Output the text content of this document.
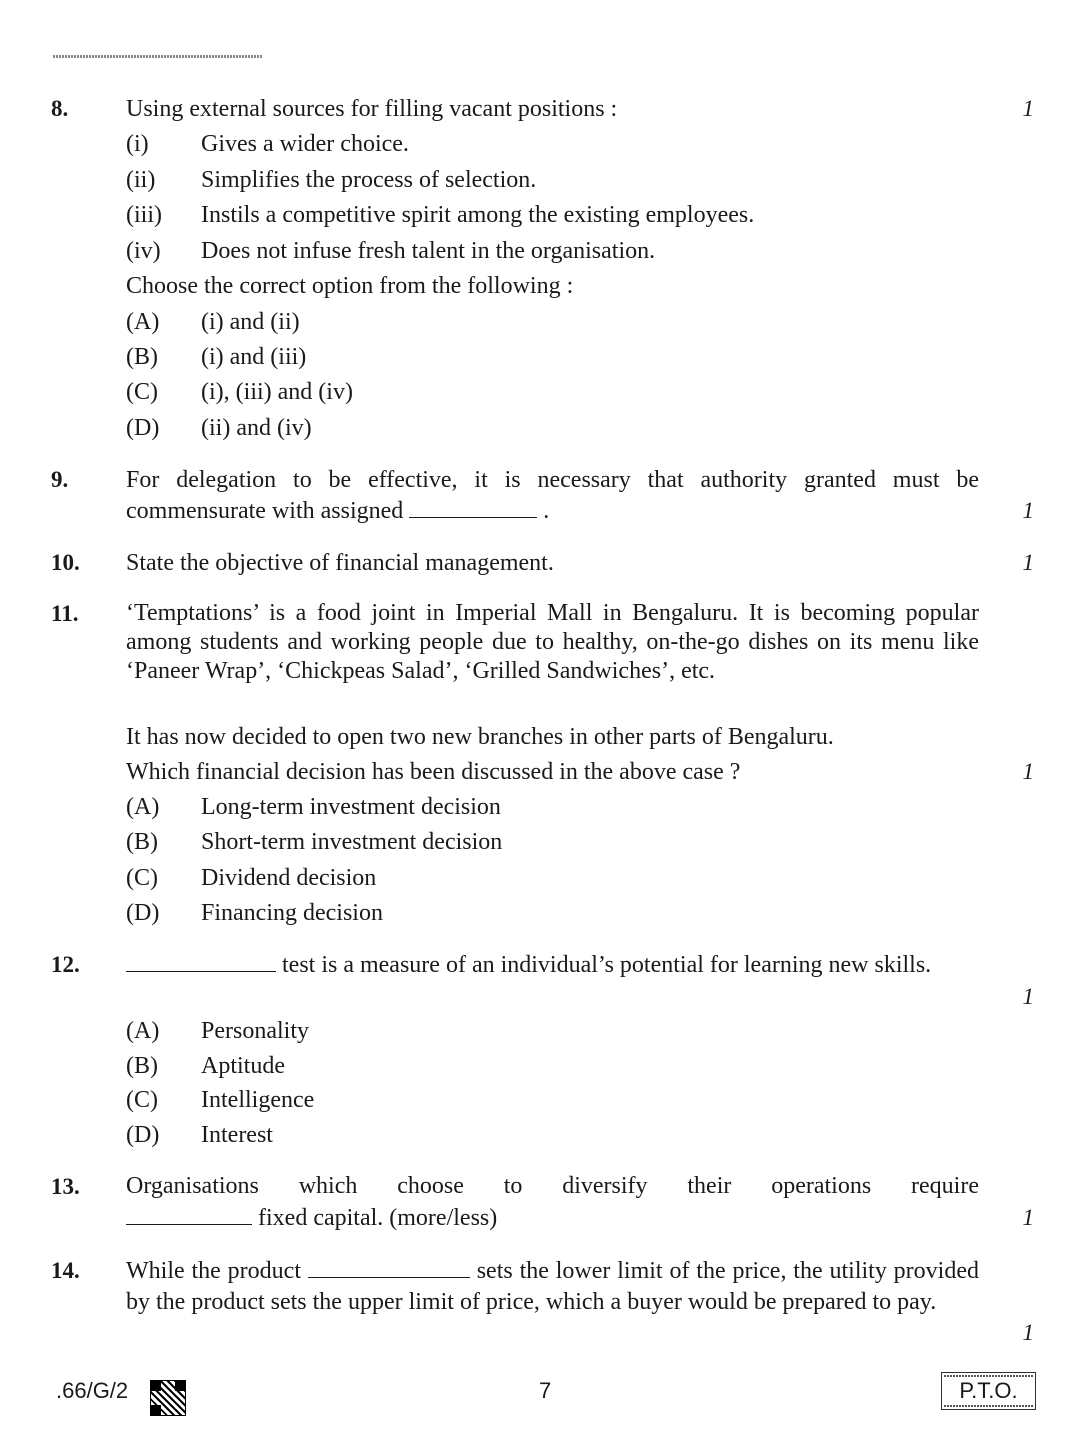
8. Using external sources for filling vacant positions :	1
(i) Gives a wider choice.
(ii) Simplifies the process of selection.
(iii) Instils a competitive spirit among the existing employees.
(iv) Does not infuse fresh talent in the organisation.
Choose the correct option from the following :
(A) (i) and (ii)
(B) (i) and (iii)
(C) (i), (iii) and (iv)
(D) (ii) and (iv)
9. For delegation to be effective, it is necessary that authority granted must be commensurate with assigned	.	1
10. State the objective of financial management.	1
11. ‘Temptations’ is a food joint in Imperial Mall in Bengaluru. It is becoming popular among students and working people due to healthy, on-the-go dishes on its menu like ‘Paneer Wrap’, ‘Chickpeas Salad’, ‘Grilled Sandwiches’, etc.
It has now decided to open two new branches in other parts of Bengaluru.
Which financial decision has been discussed in the above case ?	1
(A) Long-term investment decision
(B) Short-term investment decision
(C) Dividend decision
(D) Financing decision
12.	test is a measure of an individual’s potential for learning new skills.
1
(A) Personality
(B) Aptitude
(C) Intelligence
(D) Interest
13. Organisations which choose to diversify their operations require
fixed capital. (more/less)	1
14. While the product	sets the lower limit of the price, the utility provided by the product sets the upper limit of price, which a buyer would be prepared to pay.
1
.66/G/2	7	P.T.O.
